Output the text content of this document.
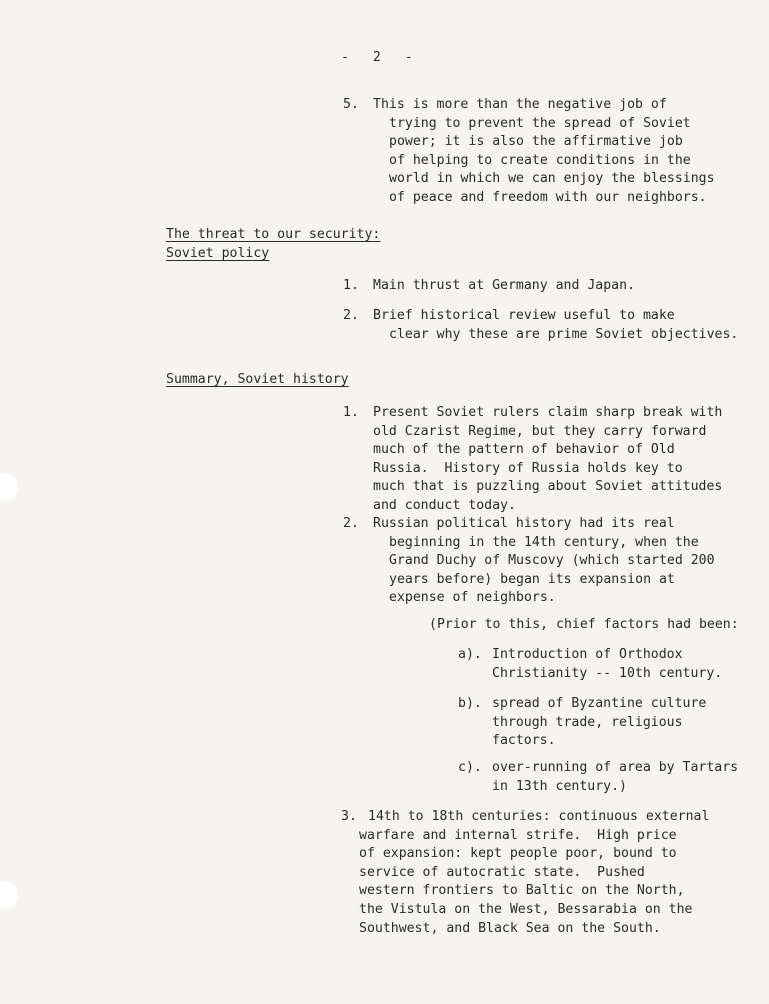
- 2 -
5. This is more than the negative job of
trying to prevent the spread of Soviet
power; it is also the affirmative job
of helping to create conditions in the
world in which we can enjoy the blessings
of peace and freedom with our neighbors.
The threat to our security:
Soviet policy
1. Main thrust at Germany and Japan.
2. Brief historical review useful to make
clear why these are prime Soviet objectives.
Summary, Soviet history
1. Present Soviet rulers claim sharp break with
old Czarist Regime, but they carry forward
much of the pattern of behavior of Old
Russia.  History of Russia holds key to
much that is puzzling about Soviet attitudes
and conduct today.
2. Russian political history had its real
beginning in the 14th century, when the
Grand Duchy of Muscovy (which started 200
years before) began its expansion at
expense of neighbors.
(Prior to this, chief factors had been:
a). Introduction of Orthodox
Christianity -- 10th century.
b). spread of Byzantine culture
through trade, religious
factors.
c). over-running of area by Tartars
in 13th century.)
3. 14th to 18th centuries: continuous external
warfare and internal strife.  High price
of expansion: kept people poor, bound to
service of autocratic state.  Pushed
western frontiers to Baltic on the North,
the Vistula on the West, Bessarabia on the
Southwest, and Black Sea on the South.
